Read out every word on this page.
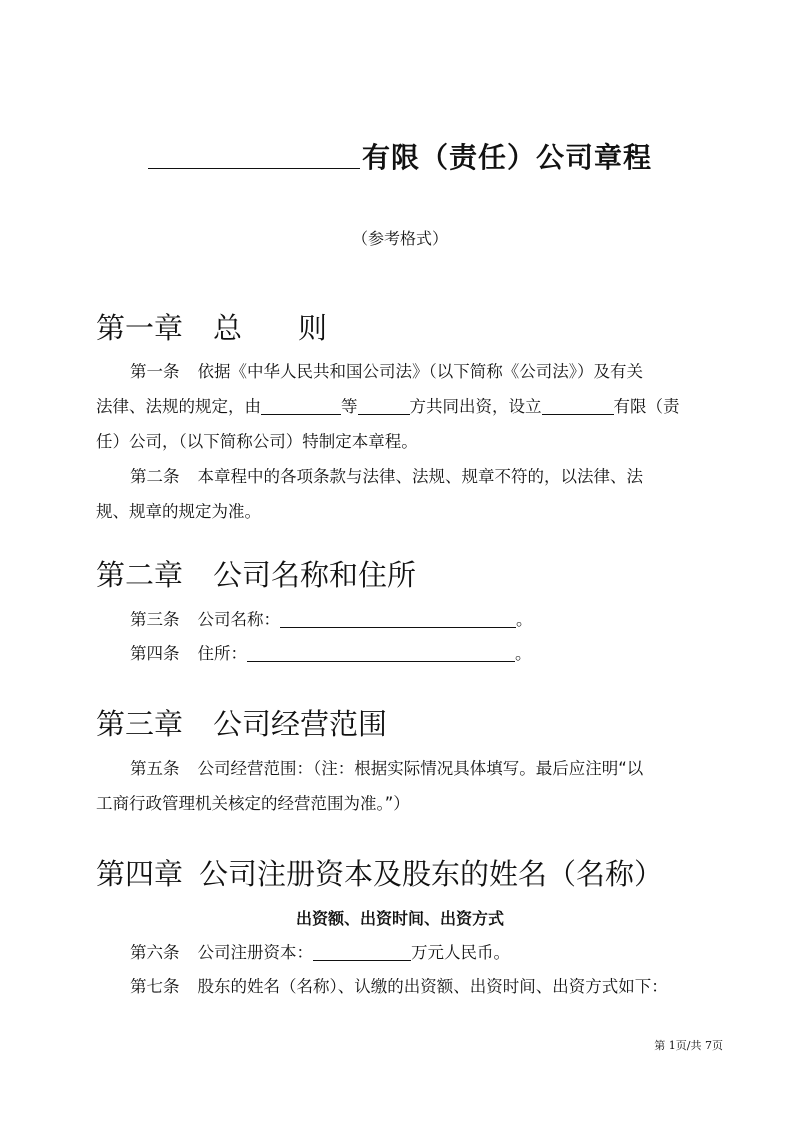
有限（责任）公司章程
（参考格式）
第一章 总 则
第一条 依据《中华人民共和国公司法》（以下简称《公司法》）及有关
法律、法规的规定，由	等	方共同出资，设立	有限（责
任）公司，（以下简称公司）特制定本章程。
第二条 本章程中的各项条款与法律、法规、规章不符的，以法律、法
规、规章的规定为准。
第二章 公司名称和住所
第三条 公司名称：	。
第四条 住所：	。
第三章 公司经营范围
第五条 公司经营范围：（注：根据实际情况具体填写。最后应注明“以
工商行政管理机关核定的经营范围为准。”）
第四章 公司注册资本及股东的姓名（名称）
出资额、出资时间、出资方式
第六条 公司注册资本：	万元人民币。
第七条 股东的姓名（名称）、认缴的出资额、出资时间、出资方式如下：
第 1页/共 7页
